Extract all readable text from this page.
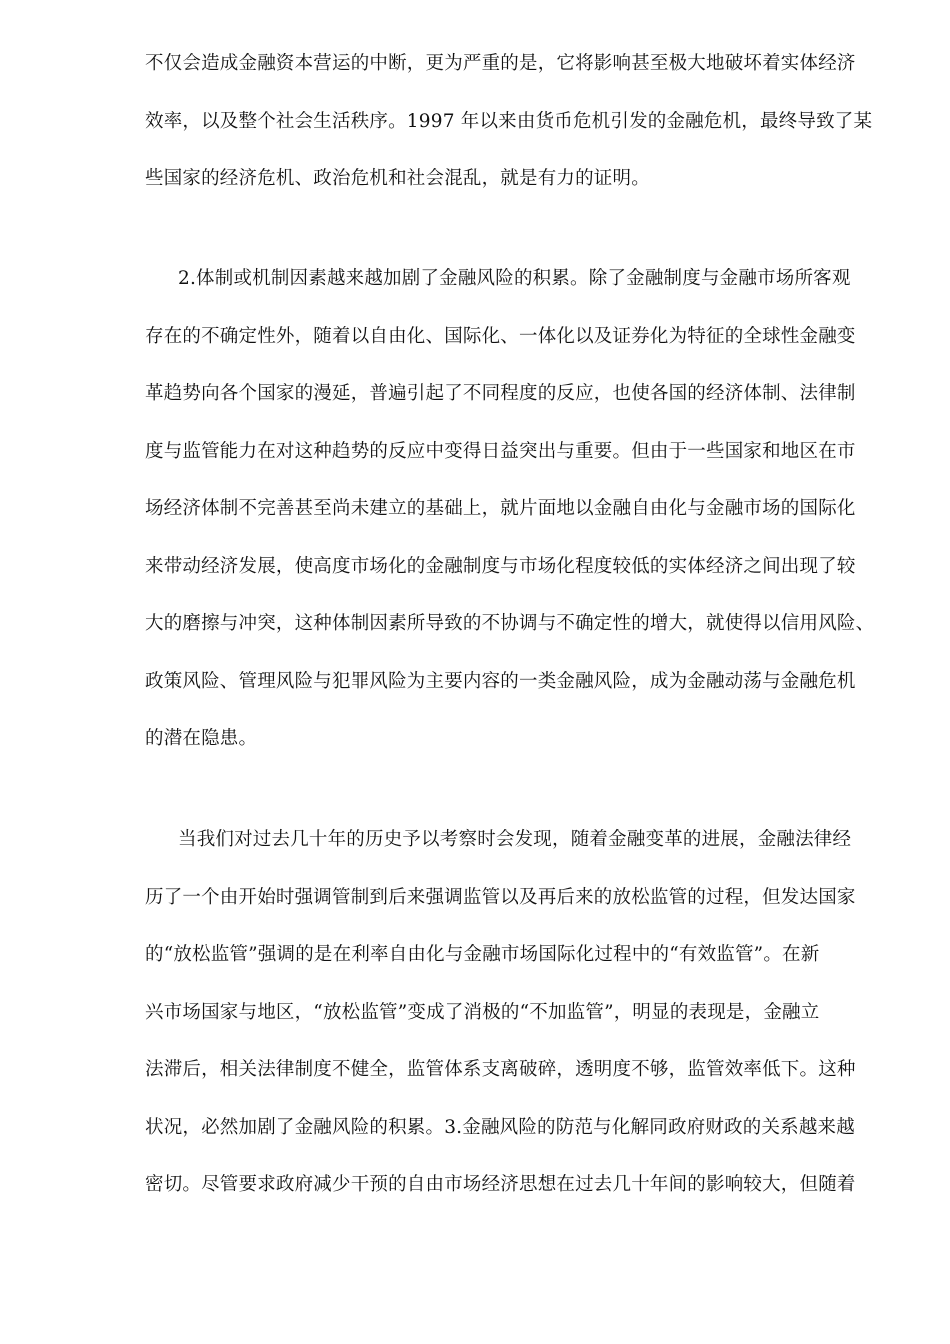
不仅会造成金融资本营运的中断，更为严重的是，它将影响甚至极大地破坏着实体经济
效率，以及整个社会生活秩序。1997 年以来由货币危机引发的金融危机，最终导致了某
些国家的经济危机、政治危机和社会混乱，就是有力的证明。
2.体制或机制因素越来越加剧了金融风险的积累。除了金融制度与金融市场所客观
存在的不确定性外，随着以自由化、国际化、一体化以及证券化为特征的全球性金融变
革趋势向各个国家的漫延，普遍引起了不同程度的反应，也使各国的经济体制、法律制
度与监管能力在对这种趋势的反应中变得日益突出与重要。但由于一些国家和地区在市
场经济体制不完善甚至尚未建立的基础上，就片面地以金融自由化与金融市场的国际化
来带动经济发展，使高度市场化的金融制度与市场化程度较低的实体经济之间出现了较
大的磨擦与冲突，这种体制因素所导致的不协调与不确定性的增大，就使得以信用风险、
政策风险、管理风险与犯罪风险为主要内容的一类金融风险，成为金融动荡与金融危机
的潜在隐患。
当我们对过去几十年的历史予以考察时会发现，随着金融变革的进展，金融法律经
历了一个由开始时强调管制到后来强调监管以及再后来的放松监管的过程，但发达国家
的“放松监管”强调的是在利率自由化与金融市场国际化过程中的“有效监管”。在新
兴市场国家与地区，“放松监管”变成了消极的“不加监管”，明显的表现是，金融立
法滞后，相关法律制度不健全，监管体系支离破碎，透明度不够，监管效率低下。这种
状况，必然加剧了金融风险的积累。3.金融风险的防范与化解同政府财政的关系越来越
密切。尽管要求政府减少干预的自由市场经济思想在过去几十年间的影响较大，但随着
